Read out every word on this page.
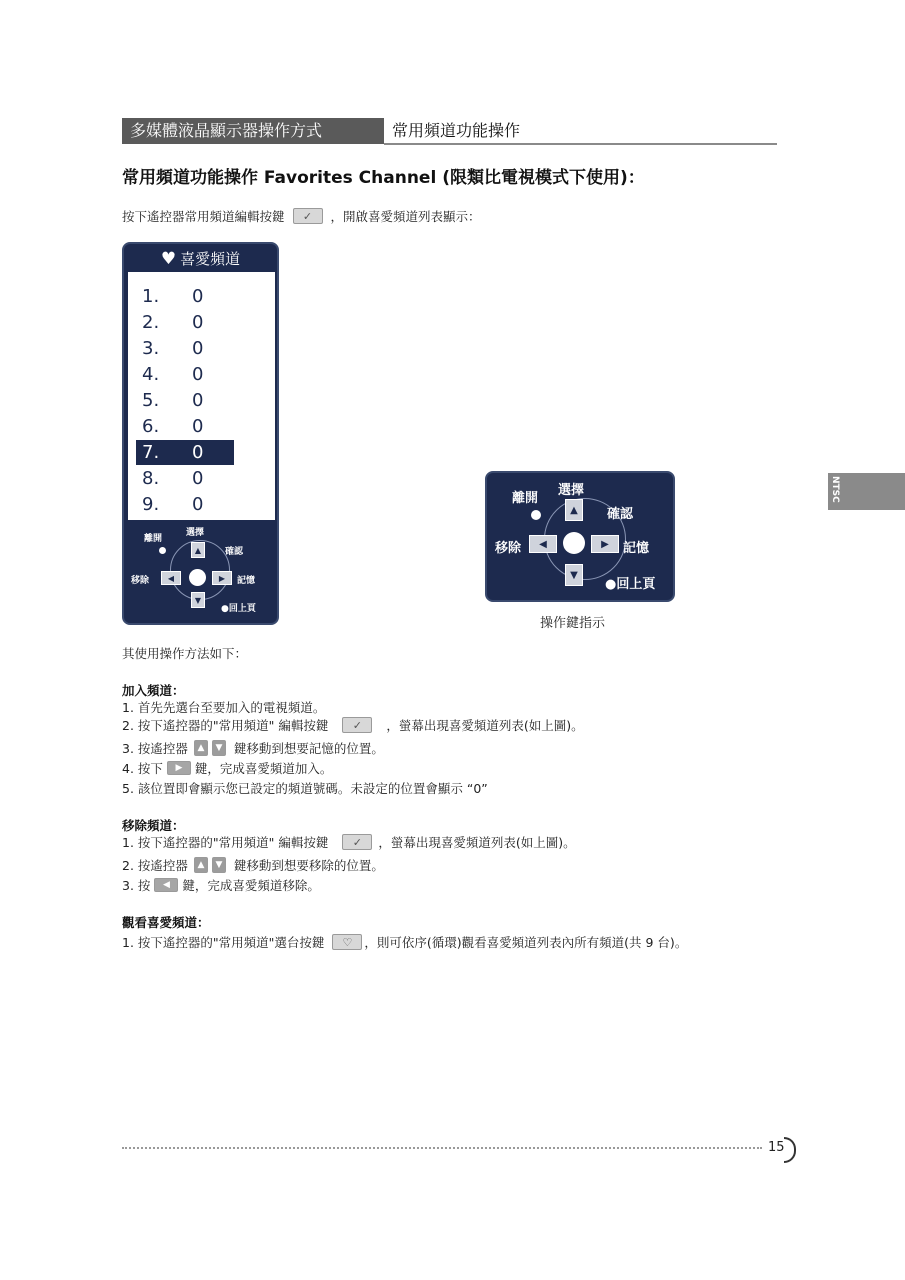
多媒體液晶顯示器操作方式	常用頻道功能操作
常用頻道功能操作 Favorites Channel (限類比電視模式下使用)：
按下遙控器常用頻道編輯按鍵	✓	，開啟喜愛頻道列表顯示：
♥ 喜愛頻道
1. 0
2. 0
3. 0
4. 0
5. 0
6. 0
7. 0
8. 0
9. 0
離開
選擇
▲	確認
移除	◀	▶	記憶
▼
●回上頁
離開
選擇
▲	確認
移除	◀	▶	記憶
▼
●回上頁
操作鍵指示
NTSC
其使用操作方法如下：
加入頻道：
1. 首先先選台至要加入的電視頻道。
2. 按下遙控器的"常用頻道" 編輯按鍵	✓	，螢幕出現喜愛頻道列表(如上圖)。
3. 按遙控器	▲	▼ 鍵移動到想要記憶的位置。
4. 按下	▶	鍵，完成喜愛頻道加入。
5. 該位置即會顯示您已設定的頻道號碼。未設定的位置會顯示 “0”
移除頻道：
1. 按下遙控器的"常用頻道" 編輯按鍵	✓	，螢幕出現喜愛頻道列表(如上圖)。
2. 按遙控器	▲	▼ 鍵移動到想要移除的位置。
3. 按	◀	鍵，完成喜愛頻道移除。
觀看喜愛頻道：
1. 按下遙控器的"常用頻道"選台按鍵	♡ ，則可依序(循環)觀看喜愛頻道列表內所有頻道(共 9 台)。
15
